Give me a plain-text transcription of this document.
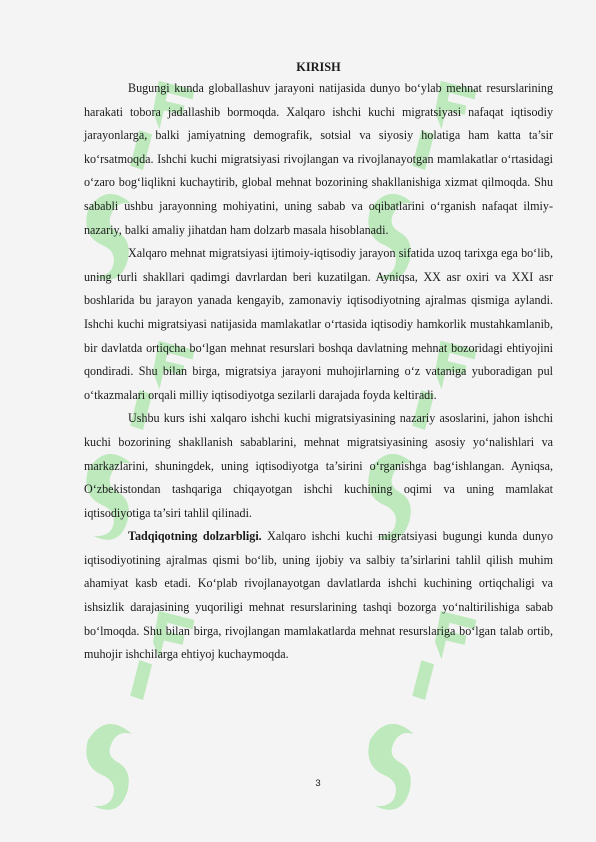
KIRISH

Bugungi kunda globallashuv jarayoni natijasida dunyo bo‘ylab mehnat resurslarining harakati tobora jadallashib bormoqda. Xalqaro ishchi kuchi migratsiyasi nafaqat iqtisodiy jarayonlarga, balki jamiyatning demografik, sotsial va siyosiy holatiga ham katta ta’sir ko‘rsatmoqda. Ishchi kuchi migratsiyasi rivojlangan va rivojlanayotgan mamlakatlar o‘rtasidagi o‘zaro bog‘liqlikni kuchaytirib, global mehnat bozorining shakllanishiga xizmat qilmoqda. Shu sababli ushbu jarayonning mohiyatini, uning sabab va oqibatlarini o‘rganish nafaqat ilmiy-nazariy, balki amaliy jihatdan ham dolzarb masala hisoblanadi.

Xalqaro mehnat migratsiyasi ijtimoiy-iqtisodiy jarayon sifatida uzoq tarixga ega bo‘lib, uning turli shakllari qadimgi davrlardan beri kuzatilgan. Ayniqsa, XX asr oxiri va XXI asr boshlarida bu jarayon yanada kengayib, zamonaviy iqtisodiyotning ajralmas qismiga aylandi. Ishchi kuchi migratsiyasi natijasida mamlakatlar o‘rtasida iqtisodiy hamkorlik mustahkamlanib, bir davlatda ortiqcha bo‘lgan mehnat resurslari boshqa davlatning mehnat bozoridagi ehtiyojini qondiradi. Shu bilan birga, migratsiya jarayoni muhojirlarning o‘z vataniga yuboradigan pul o‘tkazmalari orqali milliy iqtisodiyotga sezilarli darajada foyda keltiradi.

Ushbu kurs ishi xalqaro ishchi kuchi migratsiyasining nazariy asoslarini, jahon ishchi kuchi bozorining shakllanish sabablarini, mehnat migratsiyasining asosiy yo‘nalishlari va markazlarini, shuningdek, uning iqtisodiyotga ta’sirini o‘rganishga bag‘ishlangan. Ayniqsa, O‘zbekistondan tashqariga chiqayotgan ishchi kuchining oqimi va uning mamlakat iqtisodiyotiga ta’siri tahlil qilinadi.

Tadqiqotning dolzarbligi. Xalqaro ishchi kuchi migratsiyasi bugungi kunda dunyo iqtisodiyotining ajralmas qismi bo‘lib, uning ijobiy va salbiy ta’sirlarini tahlil qilish muhim ahamiyat kasb etadi. Ko‘plab rivojlanayotgan davlatlarda ishchi kuchining ortiqchaligi va ishsizlik darajasining yuqoriligi mehnat resurslarining tashqi bozorga yo‘naltirilishiga sabab bo‘lmoqda. Shu bilan birga, rivojlangan mamlakatlarda mehnat resurslariga bo‘lgan talab ortib, muhojir ishchilarga ehtiyoj kuchaymoqda.

3
